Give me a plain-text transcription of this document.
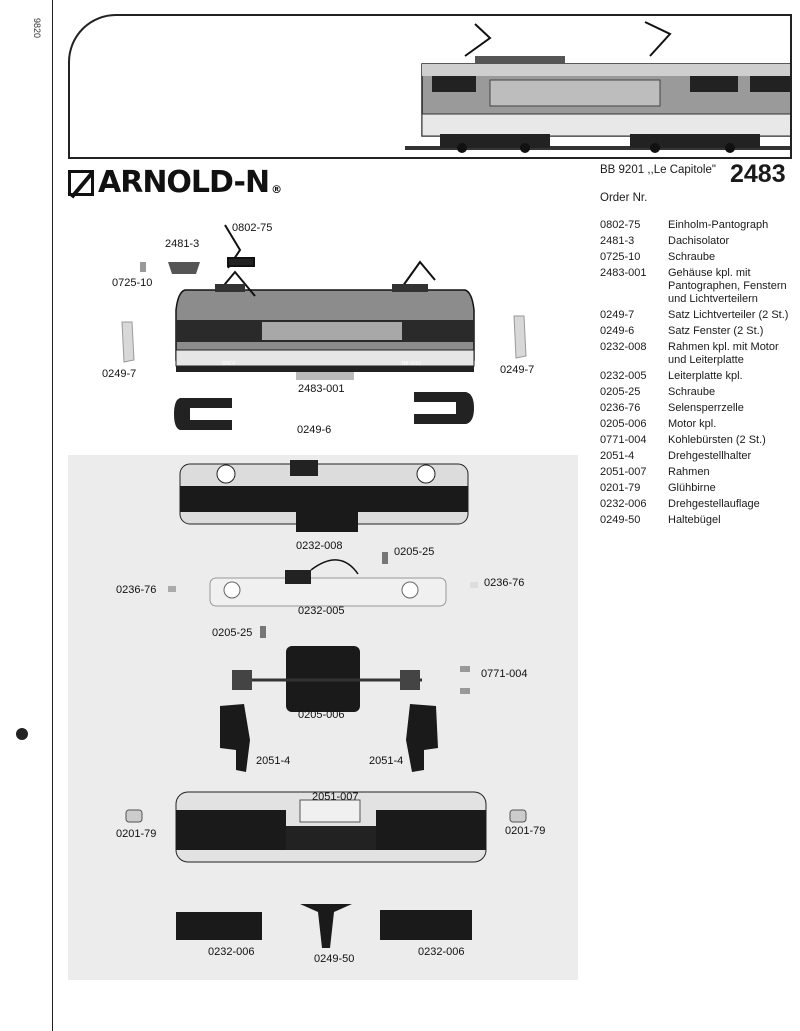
9820
ARNOLD-N ®
BB 9201 ,,Le Capitole" 2483
Order Nr.
0802-75	Einholm-Pantograph
2481-3	Dachisolator
0725-10	Schraube
2483-001	Gehäuse kpl. mit Pantographen, Fenstern und Lichtverteilern
0249-7	Satz Lichtverteiler (2 St.)
0249-6	Satz Fenster (2 St.)
0232-008	Rahmen kpl. mit Motor und Leiterplatte
0232-005	Leiterplatte kpl.
0205-25	Schraube
0236-76	Selensperrzelle
0205-006	Motor kpl.
0771-004	Kohlebürsten (2 St.)
2051-4	Drehgestellhalter
2051-007	Rahmen
0201-79	Glühbirne
0232-006	Drehgestellauflage
0249-50	Haltebügel
0802-75
2481-3
0725-10
0249-7	0249-7
2483-001
0249-6
0232-008	0205-25
0236-76
0236-76
0232-005
0205-25
0771-004
0205-006
2051-4	2051-4
2051-007
0201-79	0201-79
0232-006
0249-50
0232-006
SNCF	BB 9201
